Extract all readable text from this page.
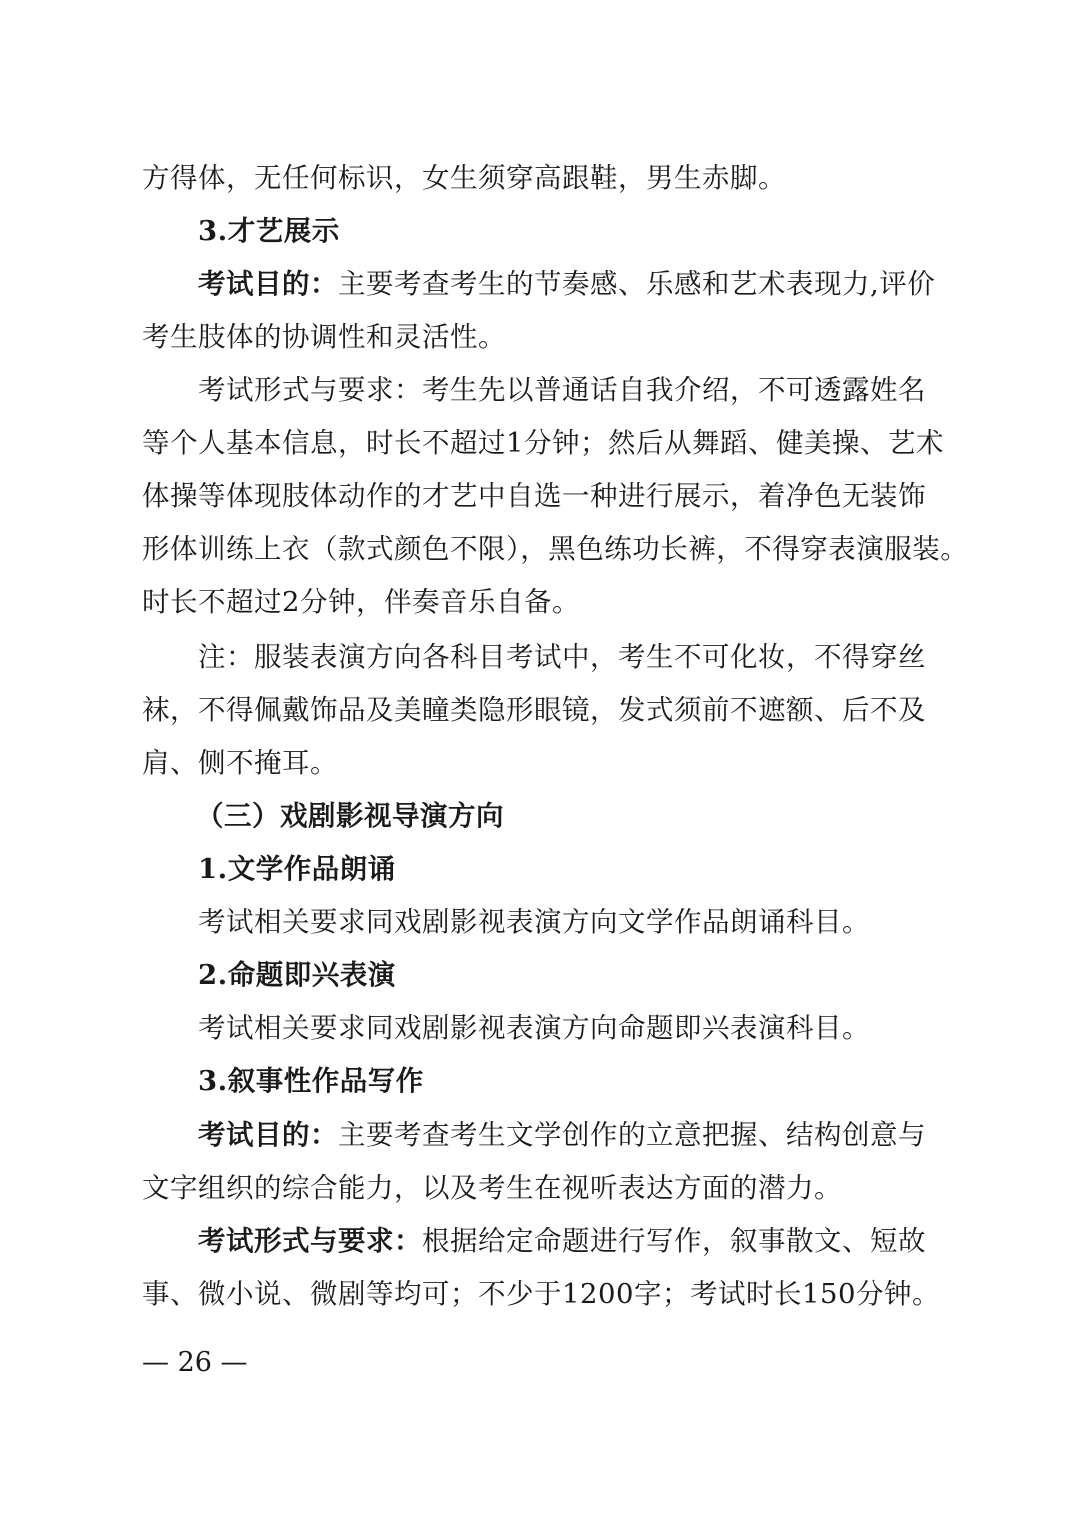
方得体，无任何标识，女生须穿高跟鞋，男生赤脚。
3.才艺展示
考试目的：主要考查考生的节奏感、乐感和艺术表现力,评价
考生肢体的协调性和灵活性。
考试形式与要求：考生先以普通话自我介绍，不可透露姓名
等个人基本信息，时长不超过1分钟；然后从舞蹈、健美操、艺术
体操等体现肢体动作的才艺中自选一种进行展示，着净色无装饰
形体训练上衣（款式颜色不限），黑色练功长裤，不得穿表演服装。
时长不超过2分钟，伴奏音乐自备。
注：服装表演方向各科目考试中，考生不可化妆，不得穿丝
袜，不得佩戴饰品及美瞳类隐形眼镜，发式须前不遮额、后不及
肩、侧不掩耳。
（三）戏剧影视导演方向
1.文学作品朗诵
考试相关要求同戏剧影视表演方向文学作品朗诵科目。
2.命题即兴表演
考试相关要求同戏剧影视表演方向命题即兴表演科目。
3.叙事性作品写作
考试目的：主要考查考生文学创作的立意把握、结构创意与
文字组织的综合能力，以及考生在视听表达方面的潜力。
考试形式与要求：根据给定命题进行写作，叙事散文、短故
事、微小说、微剧等均可；不少于1200字；考试时长150分钟。
— 26 —
